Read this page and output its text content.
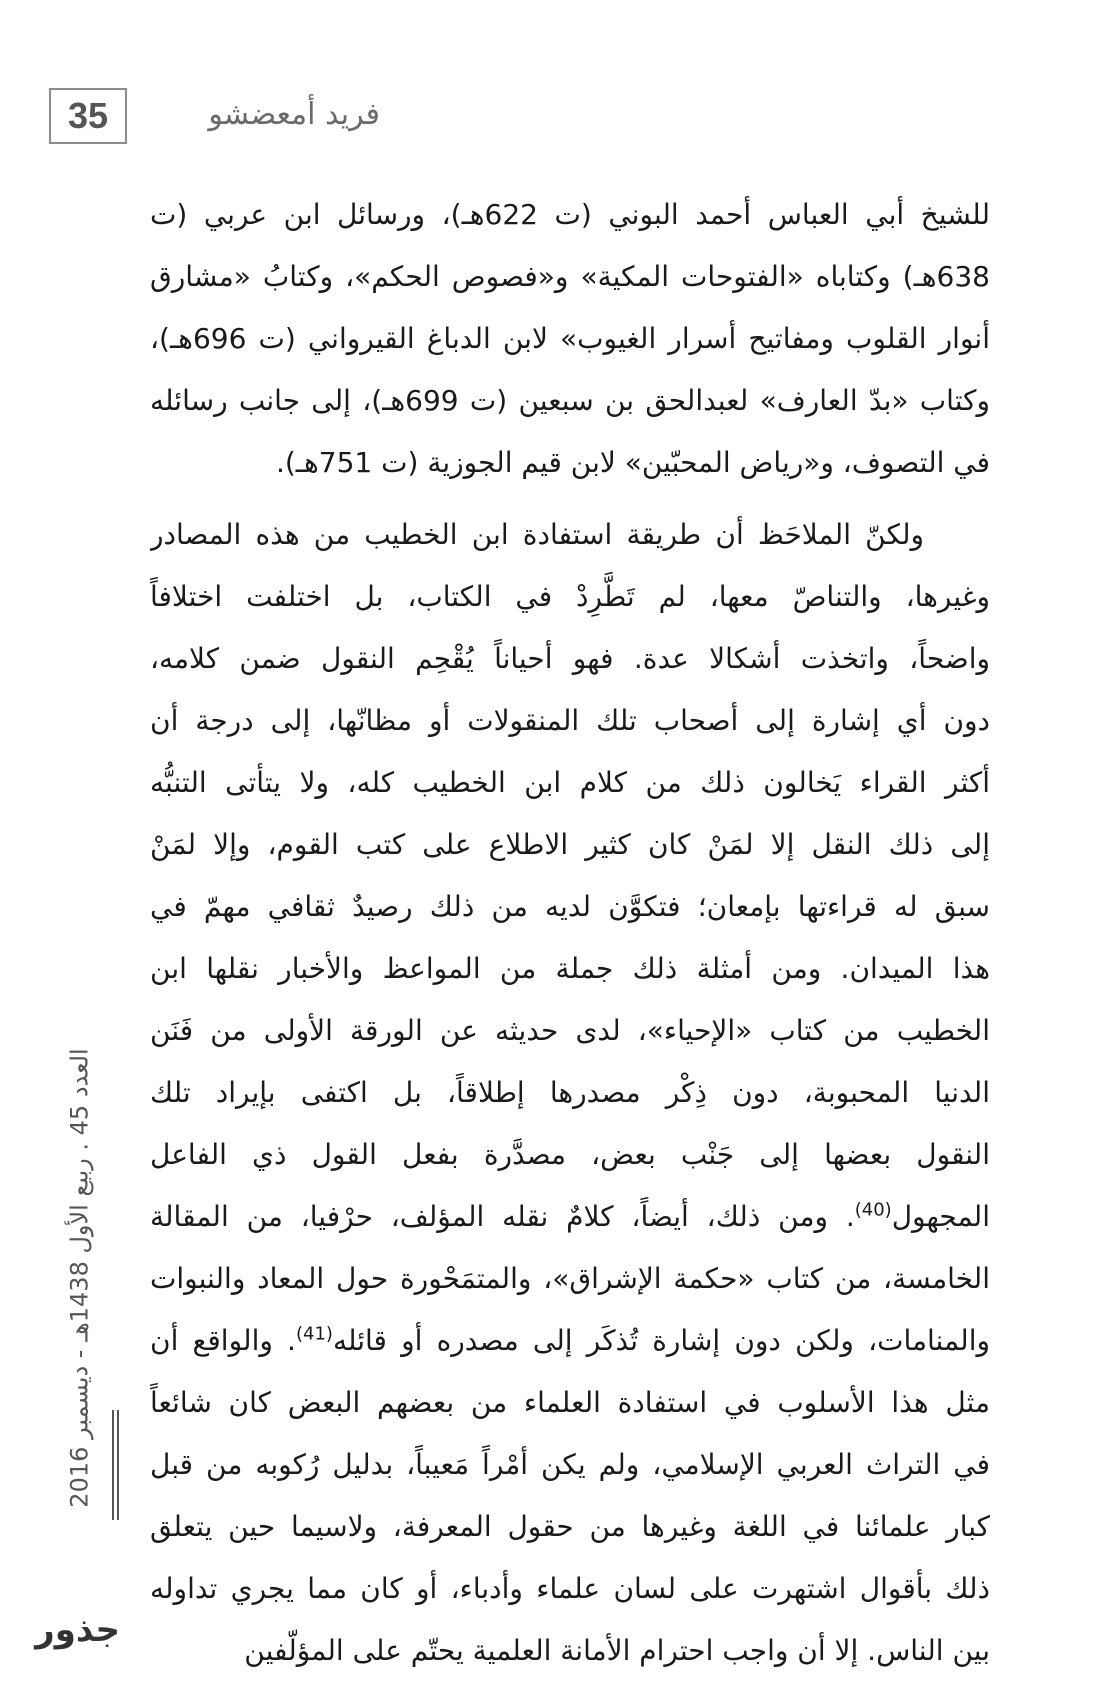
35	فريد أمعضشو
للشيخ أبي العباس أحمد البوني (ت 622هـ)، ورسائل ابن عربي (ت
638هـ) وكتاباه «الفتوحات المكية» و«فصوص الحكم»، وكتابُ «مشارق
أنوار القلوب ومفاتيح أسرار الغيوب» لابن الدباغ القيرواني (ت 696هـ)،
وكتاب «بدّ العارف» لعبدالحق بن سبعين (ت 699هـ)، إلى جانب رسائله
في التصوف، و«رياض المحبّين» لابن قيم الجوزية (ت 751هـ).
ولكنّ الملاحَظ أن طريقة استفادة ابن الخطيب من هذه المصادر
وغيرها، والتناصّ معها، لم تَطَّرِدْ في الكتاب، بل اختلفت اختلافاً
واضحاً، واتخذت أشكالا عدة. فهو أحياناً يُقْحِم النقول ضمن كلامه،
دون أي إشارة إلى أصحاب تلك المنقولات أو مظانّها، إلى درجة أن
أكثر القراء يَخالون ذلك من كلام ابن الخطيب كله، ولا يتأتى التنبُّه
إلى ذلك النقل إلا لمَنْ كان كثير الاطلاع على كتب القوم، وإلا لمَنْ
سبق له قراءتها بإمعان؛ فتكوَّن لديه من ذلك رصيدٌ ثقافي مهمّ في
هذا الميدان. ومن أمثلة ذلك جملة من المواعظ والأخبار نقلها ابن
الخطيب من كتاب «الإحياء»، لدى حديثه عن الورقة الأولى من فَنَن
الدنيا المحبوبة، دون ذِكْر مصدرها إطلاقاً، بل اكتفى بإيراد تلك
النقول بعضها إلى جَنْب بعض، مصدَّرة بفعل القول ذي الفاعل
المجهول$^{(40)}$. ومن ذلك، أيضاً، كلامٌ نقله المؤلف، حرْفيا، من المقالة
الخامسة، من كتاب «حكمة الإشراق»، والمتمَحْورة حول المعاد والنبوات
والمنامات، ولكن دون إشارة تُذكَر إلى مصدره أو قائله$^{(41)}$. والواقع أن
مثل هذا الأسلوب في استفادة العلماء من بعضهم البعض كان شائعاً
في التراث العربي الإسلامي، ولم يكن أمْراً مَعيباً، بدليل رُكوبه من قبل
كبار علمائنا في اللغة وغيرها من حقول المعرفة، ولاسيما حين يتعلق
ذلك بأقوال اشتهرت على لسان علماء وأدباء، أو كان مما يجري تداوله
بين الناس. إلا أن واجب احترام الأمانة العلمية يحتّم على المؤلّفين
العدد 45 . ربيع الأول 1438هـ - ديسمبر 2016
جذور
